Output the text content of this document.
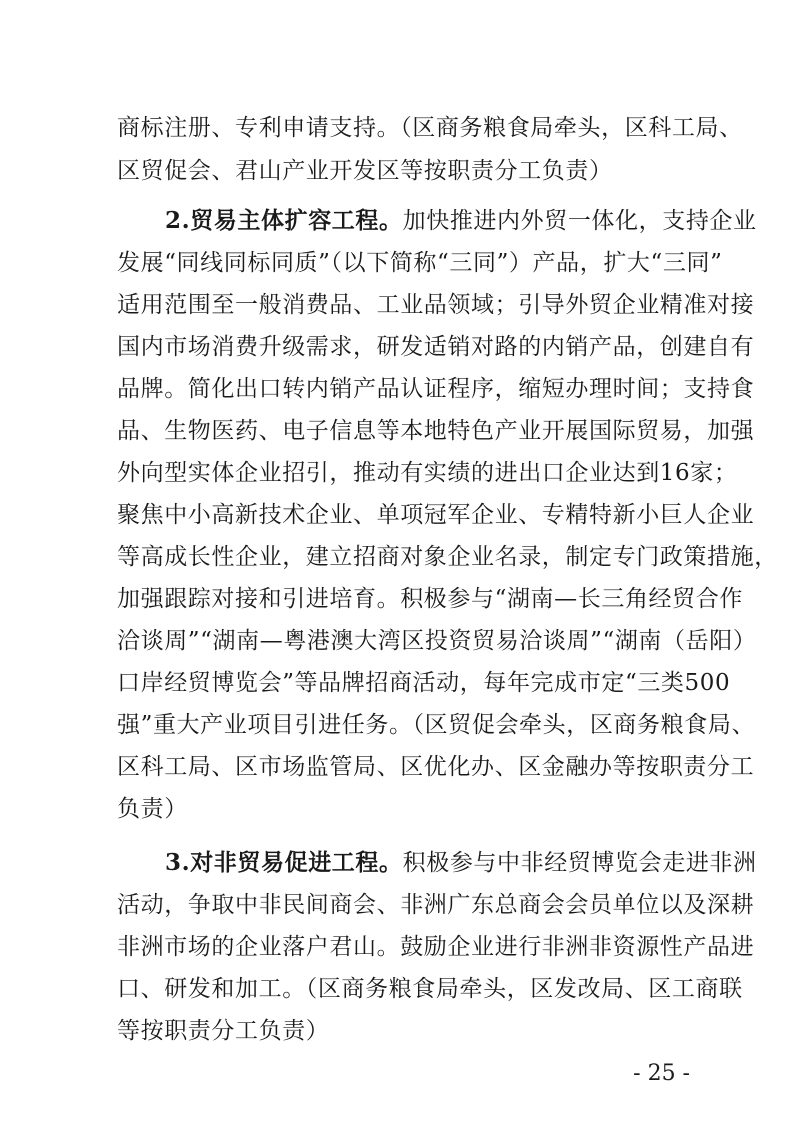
商标注册、专利申请支持。（区商务粮食局牵头，区科工局、
区贸促会、君山产业开发区等按职责分工负责）
2.贸易主体扩容工程。加快推进内外贸一体化，支持企业
发展“同线同标同质”（以下简称“三同”）产品，扩大“三同”
适用范围至一般消费品、工业品领域；引导外贸企业精准对接
国内市场消费升级需求，研发适销对路的内销产品，创建自有
品牌。简化出口转内销产品认证程序，缩短办理时间；支持食
品、生物医药、电子信息等本地特色产业开展国际贸易，加强
外向型实体企业招引，推动有实绩的进出口企业达到16家；
聚焦中小高新技术企业、单项冠军企业、专精特新小巨人企业
等高成长性企业，建立招商对象企业名录，制定专门政策措施，
加强跟踪对接和引进培育。积极参与“湖南—长三角经贸合作
洽谈周”“湖南—粤港澳大湾区投资贸易洽谈周”“湖南（岳阳）
口岸经贸博览会”等品牌招商活动，每年完成市定“三类500
强”重大产业项目引进任务。（区贸促会牵头，区商务粮食局、
区科工局、区市场监管局、区优化办、区金融办等按职责分工
负责）
3.对非贸易促进工程。积极参与中非经贸博览会走进非洲
活动，争取中非民间商会、非洲广东总商会会员单位以及深耕
非洲市场的企业落户君山。鼓励企业进行非洲非资源性产品进
口、研发和加工。（区商务粮食局牵头，区发改局、区工商联
- 25 -
等按职责分工负责）
